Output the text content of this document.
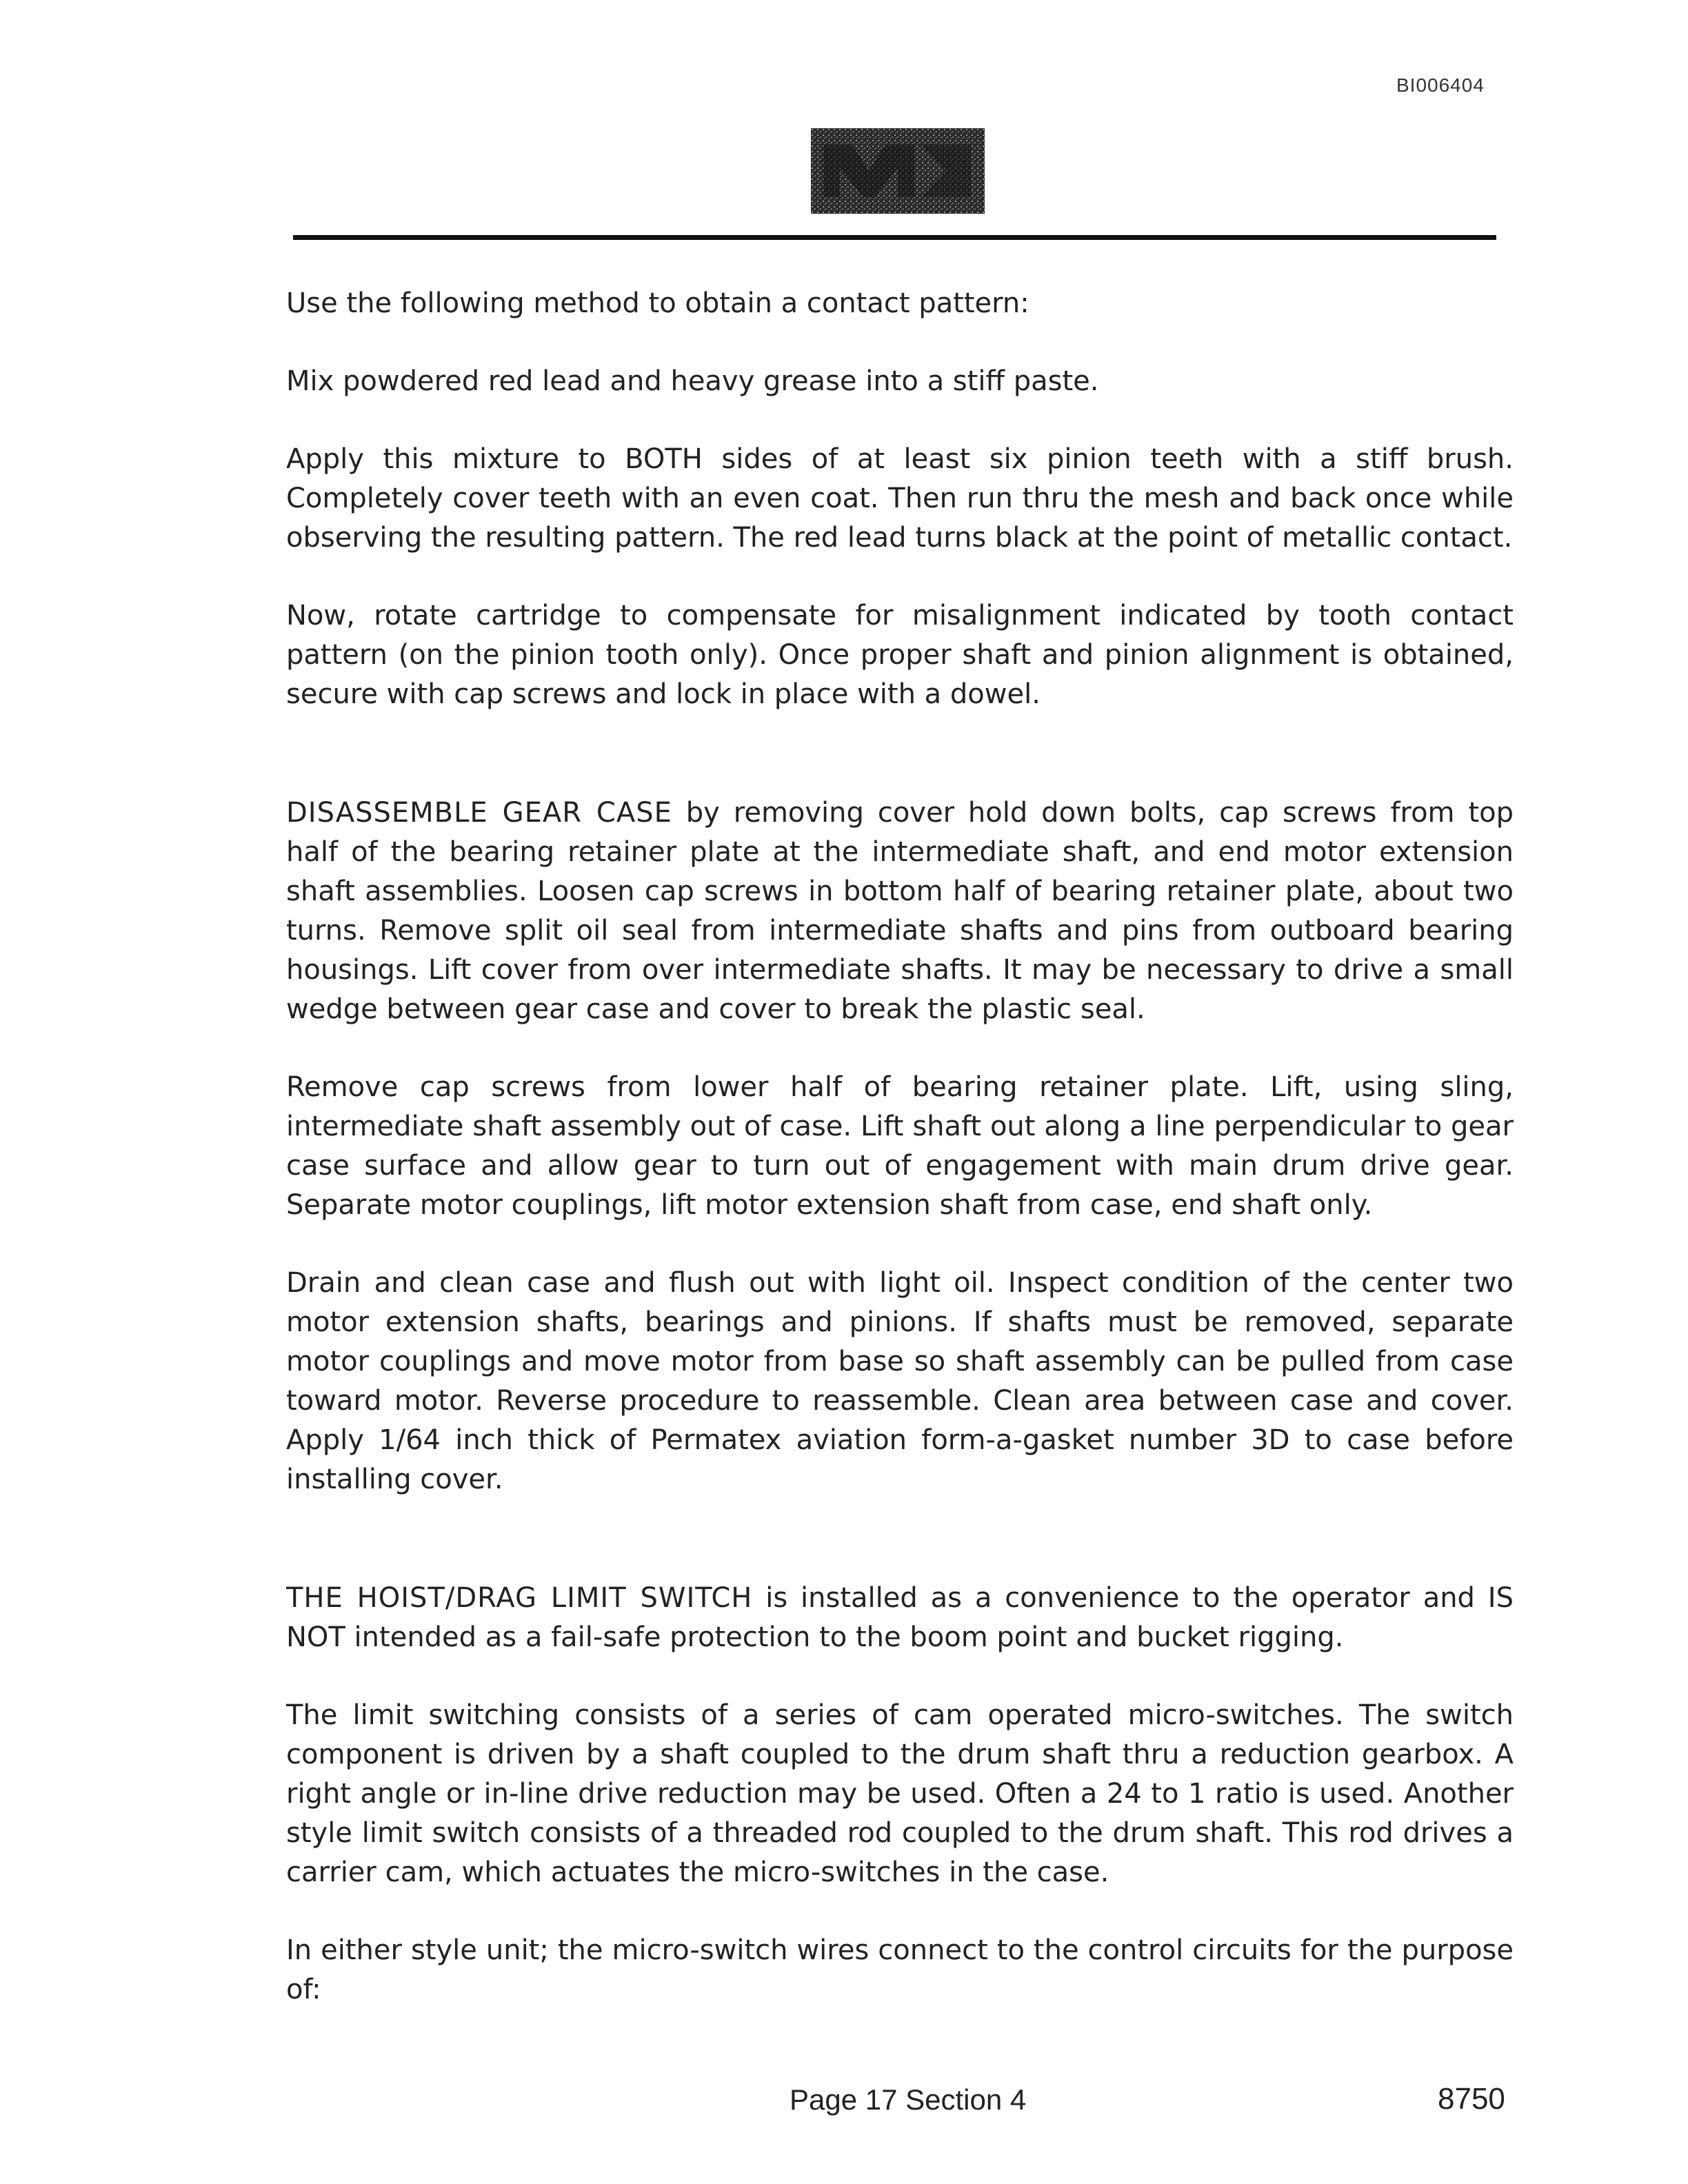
BI006404

Use the following method to obtain a contact pattern:

Mix powdered red lead and heavy grease into a stiff paste.

Apply this mixture to BOTH sides of at least six pinion teeth with a stiff brush. Completely cover teeth with an even coat. Then run thru the mesh and back once while observing the resulting pattern. The red lead turns black at the point of metallic contact.

Now, rotate cartridge to compensate for misalignment indicated by tooth contact pattern (on the pinion tooth only). Once proper shaft and pinion alignment is obtained, secure with cap screws and lock in place with a dowel.

DISASSEMBLE GEAR CASE by removing cover hold down bolts, cap screws from top half of the bearing retainer plate at the intermediate shaft, and end motor extension shaft assemblies. Loosen cap screws in bottom half of bearing retainer plate, about two turns. Remove split oil seal from intermediate shafts and pins from outboard bearing housings. Lift cover from over intermediate shafts. It may be necessary to drive a small wedge between gear case and cover to break the plastic seal.

Remove cap screws from lower half of bearing retainer plate. Lift, using sling, intermediate shaft assembly out of case. Lift shaft out along a line perpendicular to gear case surface and allow gear to turn out of engagement with main drum drive gear. Separate motor couplings, lift motor extension shaft from case, end shaft only.

Drain and clean case and flush out with light oil. Inspect condition of the center two motor extension shafts, bearings and pinions. If shafts must be removed, separate motor couplings and move motor from base so shaft assembly can be pulled from case toward motor. Reverse procedure to reassemble. Clean area between case and cover. Apply 1/64 inch thick of Permatex aviation form-a-gasket number 3D to case before installing cover.

THE HOIST/DRAG LIMIT SWITCH is installed as a convenience to the operator and IS NOT intended as a fail-safe protection to the boom point and bucket rigging.

The limit switching consists of a series of cam operated micro-switches. The switch component is driven by a shaft coupled to the drum shaft thru a reduction gearbox. A right angle or in-line drive reduction may be used. Often a 24 to 1 ratio is used. Another style limit switch consists of a threaded rod coupled to the drum shaft. This rod drives a carrier cam, which actuates the micro-switches in the case.

In either style unit; the micro-switch wires connect to the control circuits for the purpose of:

Page 17 Section 4	8750
